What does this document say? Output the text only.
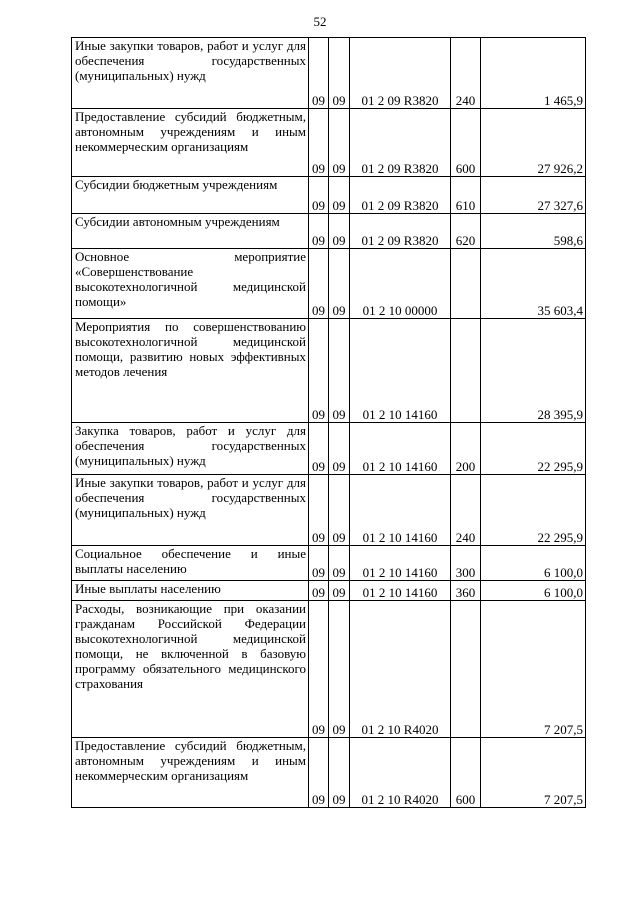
52
Иные закупки товаров, работ и услуг для обеспечения государственных (муниципальных) нужд	09	09	01 2 09 R3820	240	1 465,9
Предоставление субсидий бюджетным, автономным учреждениям и иным некоммерческим организациям	09	09	01 2 09 R3820	600	27 926,2
Субсидии бюджетным учреждениям	09	09	01 2 09 R3820	610	27 327,6
Субсидии автономным учреждениям	09	09	01 2 09 R3820	620	598,6
Основное мероприятие «Совершенствование высокотехнологичной медицинской помощи»	09	09	01 2 10 00000		35 603,4
Мероприятия по совершенствованию высокотехнологичной медицинской помощи, развитию новых эффективных методов лечения	09	09	01 2 10 14160		28 395,9
Закупка товаров, работ и услуг для обеспечения государственных (муниципальных) нужд	09	09	01 2 10 14160	200	22 295,9
Иные закупки товаров, работ и услуг для обеспечения государственных (муниципальных) нужд	09	09	01 2 10 14160	240	22 295,9
Социальное обеспечение и иные выплаты населению	09	09	01 2 10 14160	300	6 100,0
Иные выплаты населению	09	09	01 2 10 14160	360	6 100,0
Расходы, возникающие при оказании гражданам Российской Федерации высокотехнологичной медицинской помощи, не включенной в базовую программу обязательного медицинского страхования	09	09	01 2 10 R4020		7 207,5
Предоставление субсидий бюджетным, автономным учреждениям и иным некоммерческим организациям	09	09	01 2 10 R4020	600	7 207,5
